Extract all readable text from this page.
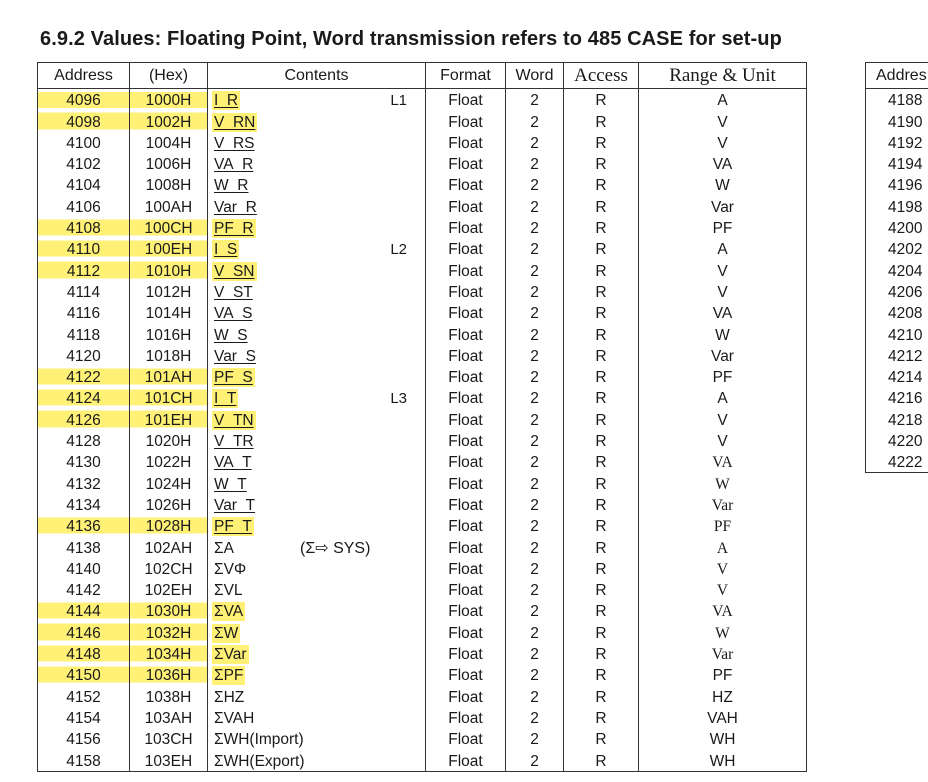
6.9.2 Values: Floating Point, Word transmission refers to 485 CASE for set-up
Address	(Hex)	Contents	Format	Word	Access	Range & Unit
4096	1000H	I_R L1	Float	2	R	A
4098	1002H	V_RN	Float	2	R	V
4100	1004H	V_RS	Float	2	R	V
4102	1006H	VA_R	Float	2	R	VA
4104	1008H	W_R	Float	2	R	W
4106	100AH	Var_R	Float	2	R	Var
4108	100CH	PF_R	Float	2	R	PF
4110	100EH	I_S L2	Float	2	R	A
4112	1010H	V_SN	Float	2	R	V
4114	1012H	V_ST	Float	2	R	V
4116	1014H	VA_S	Float	2	R	VA
4118	1016H	W_S	Float	2	R	W
4120	1018H	Var_S	Float	2	R	Var
4122	101AH	PF_S	Float	2	R	PF
4124	101CH	I_T L3	Float	2	R	A
4126	101EH	V_TN	Float	2	R	V
4128	1020H	V_TR	Float	2	R	V
4130	1022H	VA_T	Float	2	R	VA
4132	1024H	W_T	Float	2	R	W
4134	1026H	Var_T	Float	2	R	Var
4136	1028H	PF_T	Float	2	R	PF
4138	102AH	ΣA (Σ⇨ SYS)	Float	2	R	A
4140	102CH	ΣVΦ	Float	2	R	V
4142	102EH	ΣVL	Float	2	R	V
4144	1030H	ΣVA	Float	2	R	VA
4146	1032H	ΣW	Float	2	R	W
4148	1034H	ΣVar	Float	2	R	Var
4150	1036H	ΣPF	Float	2	R	PF
4152	1038H	ΣHZ	Float	2	R	HZ
4154	103AH	ΣVAH	Float	2	R	VAH
4156	103CH	ΣWH(Import)	Float	2	R	WH
4158	103EH	ΣWH(Export)	Float	2	R	WH
Addres
4188
4190
4192
4194
4196
4198
4200
4202
4204
4206
4208
4210
4212
4214
4216
4218
4220
4222
